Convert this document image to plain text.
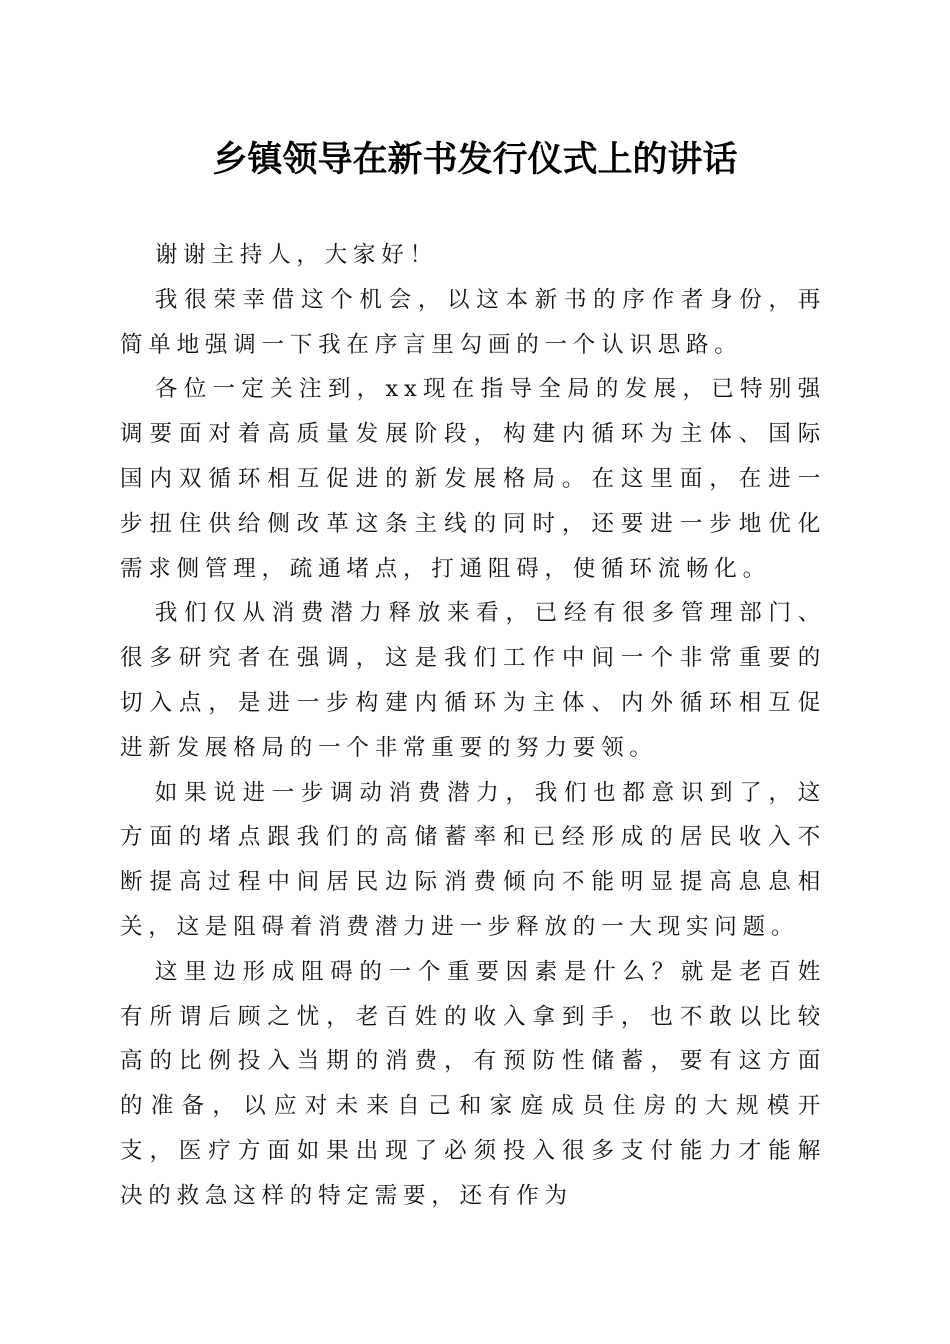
乡镇领导在新书发行仪式上的讲话

谢谢主持人，大家好！

我很荣幸借这个机会，以这本新书的序作者身份，再简单地强调一下我在序言里勾画的一个认识思路。

各位一定关注到，xx现在指导全局的发展，已特别强调要面对着高质量发展阶段，构建内循环为主体、国际国内双循环相互促进的新发展格局。在这里面，在进一步扭住供给侧改革这条主线的同时，还要进一步地优化需求侧管理，疏通堵点，打通阻碍，使循环流畅化。

我们仅从消费潜力释放来看，已经有很多管理部门、很多研究者在强调，这是我们工作中间一个非常重要的切入点，是进一步构建内循环为主体、内外循环相互促进新发展格局的一个非常重要的努力要领。

如果说进一步调动消费潜力，我们也都意识到了，这方面的堵点跟我们的高储蓄率和已经形成的居民收入不断提高过程中间居民边际消费倾向不能明显提高息息相关，这是阻碍着消费潜力进一步释放的一大现实问题。

这里边形成阻碍的一个重要因素是什么？就是老百姓有所谓后顾之忧，老百姓的收入拿到手，也不敢以比较高的比例投入当期的消费，有预防性储蓄，要有这方面的准备，以应对未来自己和家庭成员住房的大规模开支，医疗方面如果出现了必须投入很多支付能力才能解决的救急这样的特定需要，还有作为
